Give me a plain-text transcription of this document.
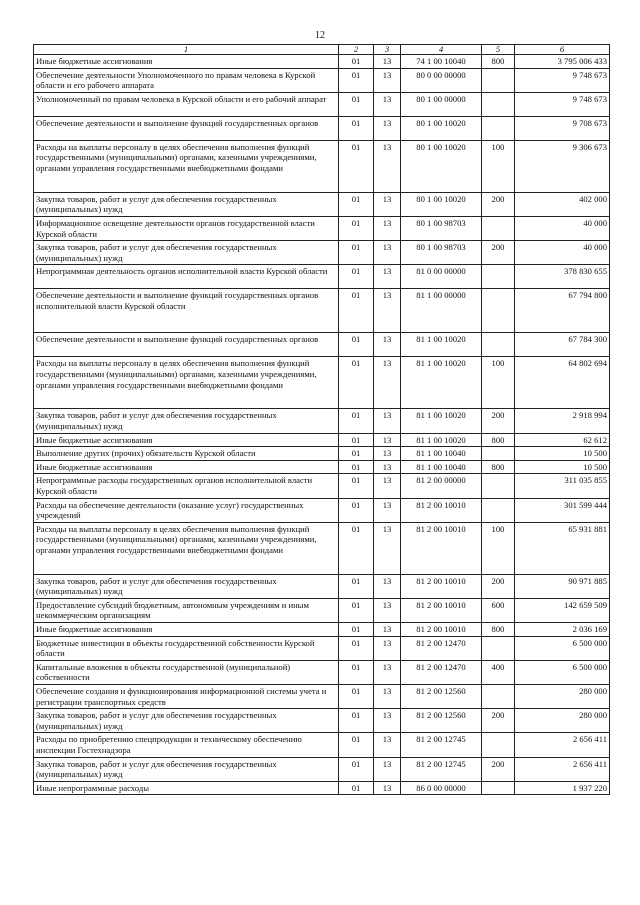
12
1	2	3	4	5	6
Иные бюджетные ассигнования	01	13	74 1 00 10040	800	3 795 006 433
Обеспечение деятельности Уполномоченного по правам человека в Курской области и его рабочего аппарата	01	13	80 0 00 00000		9 748 673
Уполномоченный по правам человека в Курской области и его рабочий аппарат	01	13	80 1 00 00000		9 748 673
Обеспечение деятельности и выполнение функций государственных органов	01	13	80 1 00 10020		9 708 673
Расходы на выплаты персоналу в целях обеспечения выполнения функций государственными (муниципальными) органами, казенными учреждениями, органами управления государственными внебюджетными фондами	01	13	80 1 00 10020	100	9 306 673
Закупка товаров, работ и услуг для обеспечения государственных (муниципальных) нужд	01	13	80 1 00 10020	200	402 000
Информационное освещение деятельности органов государственной власти Курской области	01	13	80 1 00 98703		40 000
Закупка товаров, работ и услуг для обеспечения государственных (муниципальных) нужд	01	13	80 1 00 98703	200	40 000
Непрограммная деятельность органов исполнительной власти Курской области	01	13	81 0 00 00000		378 830 655
Обеспечение деятельности и выполнение функций государственных органов исполнительной власти Курской области	01	13	81 1 00 00000		67 794 800
Обеспечение деятельности и выполнение функций государственных органов	01	13	81 1 00 10020		67 784 300
Расходы на выплаты персоналу в целях обеспечения выполнения функций государственными (муниципальными) органами, казенными учреждениями, органами управления государственными внебюджетными фондами	01	13	81 1 00 10020	100	64 802 694
Закупка товаров, работ и услуг для обеспечения государственных (муниципальных) нужд	01	13	81 1 00 10020	200	2 918 994
Иные бюджетные ассигнования	01	13	81 1 00 10020	800	62 612
Выполнение других (прочих) обязательств Курской области	01	13	81 1 00 10040		10 500
Иные бюджетные ассигнования	01	13	81 1 00 10040	800	10 500
Непрограммные расходы государственных органов исполнительной власти Курской области	01	13	81 2 00 00000		311 035 855
Расходы на обеспечение деятельности (оказание услуг) государственных учреждений	01	13	81 2 00 10010		301 599 444
Расходы на выплаты персоналу в целях обеспечения выполнения функций государственными (муниципальными) органами, казенными учреждениями, органами управления государственными внебюджетными фондами	01	13	81 2 00 10010	100	65 931 881
Закупка товаров, работ и услуг для обеспечения государственных (муниципальных) нужд	01	13	81 2 00 10010	200	90 971 885
Предоставление субсидий бюджетным, автономным учреждениям и иным некоммерческим организациям	01	13	81 2 00 10010	600	142 659 509
Иные бюджетные ассигнования	01	13	81 2 00 10010	800	2 036 169
Бюджетные инвестиции в объекты государственной собственности Курской области	01	13	81 2 00 12470		6 500 000
Капитальные вложения в объекты государственной (муниципальной) собственности	01	13	81 2 00 12470	400	6 500 000
Обеспечение создания и функционирования информационной системы учета и регистрации транспортных средств	01	13	81 2 00 12560		280 000
Закупка товаров, работ и услуг для обеспечения государственных (муниципальных) нужд	01	13	81 2 00 12560	200	280 000
Расходы по приобретению спецпродукции и техническому обеспечению инспекции Гостехнадзора	01	13	81 2 00 12745		2 656 411
Закупка товаров, работ и услуг для обеспечения государственных (муниципальных) нужд	01	13	81 2 00 12745	200	2 656 411
Иные непрограммные расходы	01	13	86 0 00 00000		1 937 220
